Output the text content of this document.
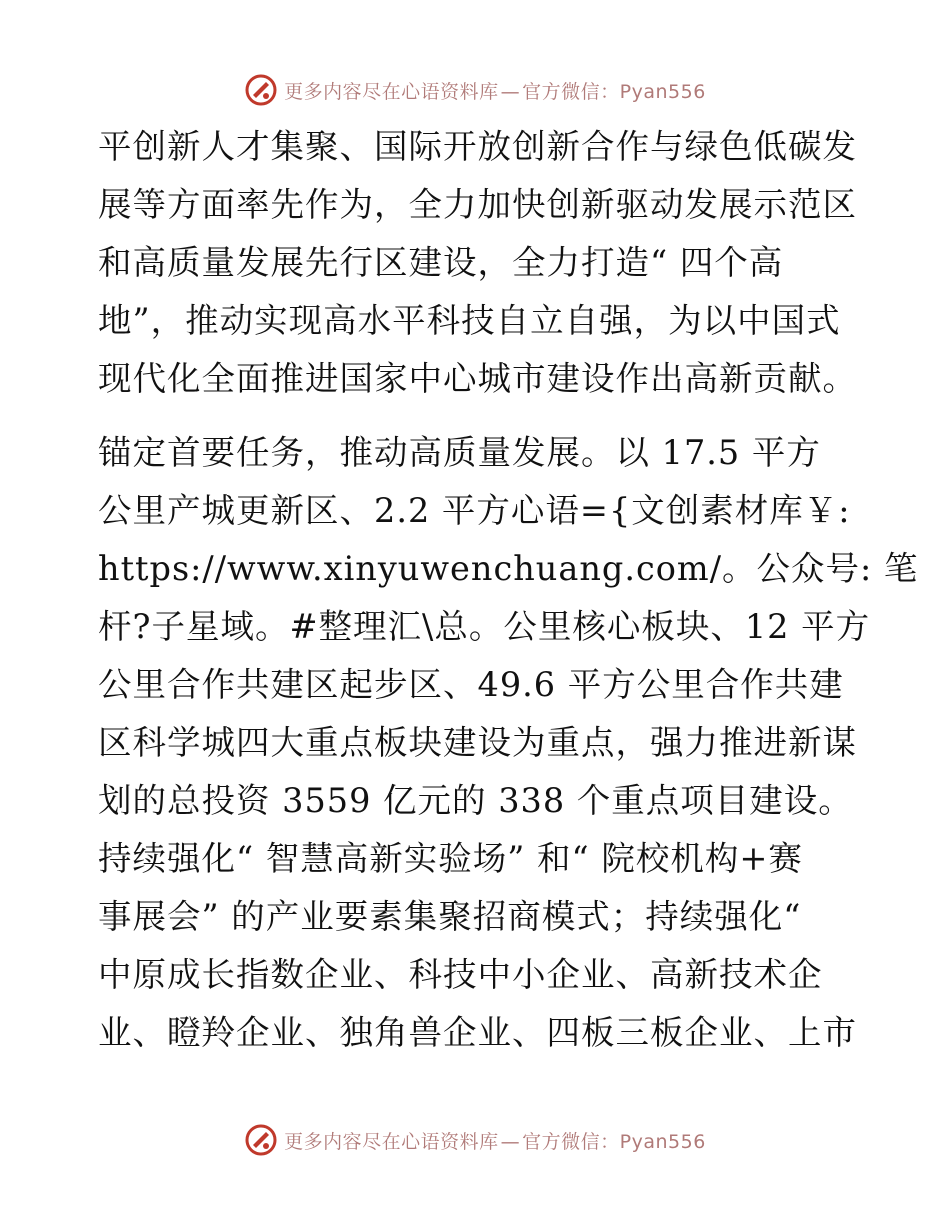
更多内容尽在心语资料库 — 官方微信：Pyan556
平创新人才集聚、国际开放创新合作与绿色低碳发
展等方面率先作为，全力加快创新驱动发展示范区
和高质量发展先行区建设，全力打造“ 四个高
地”，推动实现高水平科技自立自强，为以中国式
现代化全面推进国家中心城市建设作出高新贡献。
锚定首要任务，推动高质量发展。以 17.5 平方
公里产城更新区、2.2 平方心语={文创素材库￥:
https://www.xinyuwenchuang.com/。公众号: 笔
杆?子星域。#整理汇\总。公里核心板块、12 平方
公里合作共建区起步区、49.6 平方公里合作共建
区科学城四大重点板块建设为重点，强力推进新谋
划的总投资 3559 亿元的 338 个重点项目建设。
持续强化“ 智慧高新实验场” 和“ 院校机构+赛
事展会” 的产业要素集聚招商模式；持续强化“
中原成长指数企业、科技中小企业、高新技术企
业、瞪羚企业、独角兽企业、四板三板企业、上市
更多内容尽在心语资料库 — 官方微信：Pyan556
